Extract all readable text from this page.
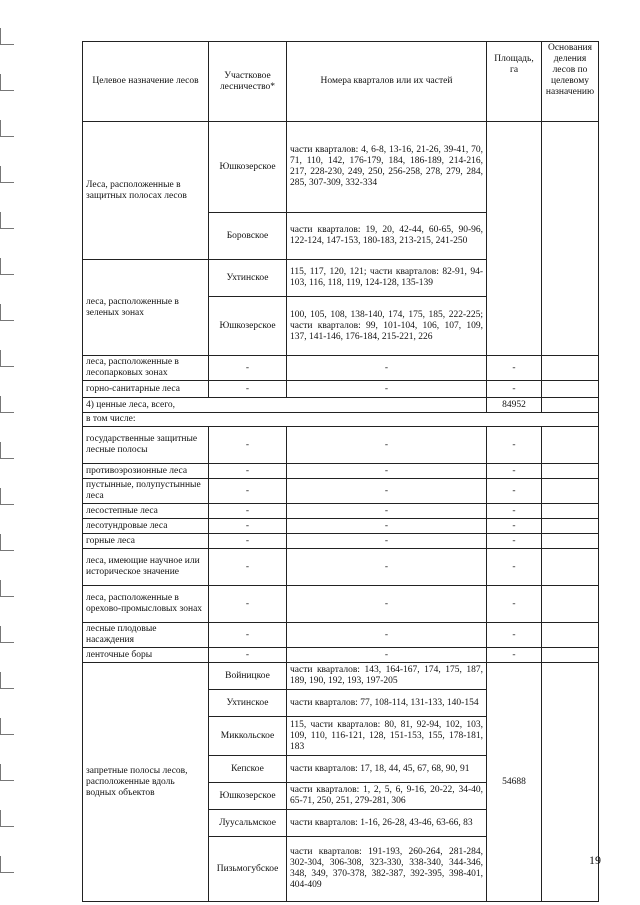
Целевое назначение лесов	Участковое лесничество*	Номера кварталов или их частей	Площадь, га	Основания деления лесов по целевому назначению
Леса, расположенные в защитных полосах лесов	Юшкозерское	части кварталов: 4, 6-8, 13-16, 21-26, 39-41, 70, 71, 110, 142, 176-179, 184, 186-189, 214-216, 217, 228-230, 249, 250, 256-258, 278, 279, 284, 285, 307-309, 332-334		
	Боровское	части кварталов: 19, 20, 42-44, 60-65, 90-96, 122-124, 147-153, 180-183, 213-215, 241-250		
леса, расположенные в зеленых зонах	Ухтинское	115, 117, 120, 121; части кварталов: 82-91, 94-103, 116, 118, 119, 124-128, 135-139		
	Юшкозерское	100, 105, 108, 138-140, 174, 175, 185, 222-225; части кварталов: 99, 101-104, 106, 107, 109, 137, 141-146, 176-184, 215-221, 226		
леса, расположенные в лесопарковых зонах	-	-	-	
горно-санитарные леса	-	-	-	
4) ценные леса, всего,			84952	
в том числе:				
государственные защитные лесные полосы	-	-	-	
противоэрозионные леса	-	-	-	
пустынные, полупустынные леса	-	-	-	
лесостепные леса	-	-	-	
лесотундровые леса	-	-	-	
горные леса	-	-	-	
леса, имеющие научное или историческое значение	-	-	-	
леса, расположенные в орехово-промысловых зонах	-	-	-	
лесные плодовые насаждения	-	-	-	
ленточные боры	-	-	-	
запретные полосы лесов, расположенные вдоль водных объектов	Войницкое	части кварталов: 143, 164-167, 174, 175, 187, 189, 190, 192, 193, 197-205	54688	
	Ухтинское	части кварталов: 77, 108-114, 131-133, 140-154		
	Миккольское	115, части кварталов: 80, 81, 92-94, 102, 103, 109, 110, 116-121, 128, 151-153, 155, 178-181, 183		
	Кепское	части кварталов: 17, 18, 44, 45, 67, 68, 90, 91		
	Юшкозерское	части кварталов: 1, 2, 5, 6, 9-16, 20-22, 34-40, 65-71, 250, 251, 279-281, 306		
	Луусальмское	части кварталов: 1-16, 26-28, 43-46, 63-66, 83		
	Пизьмогубское	части кварталов: 191-193, 260-264, 281-284, 302-304, 306-308, 323-330, 338-340, 344-346, 348, 349, 370-378, 382-387, 392-395, 398-401, 404-409		
19
